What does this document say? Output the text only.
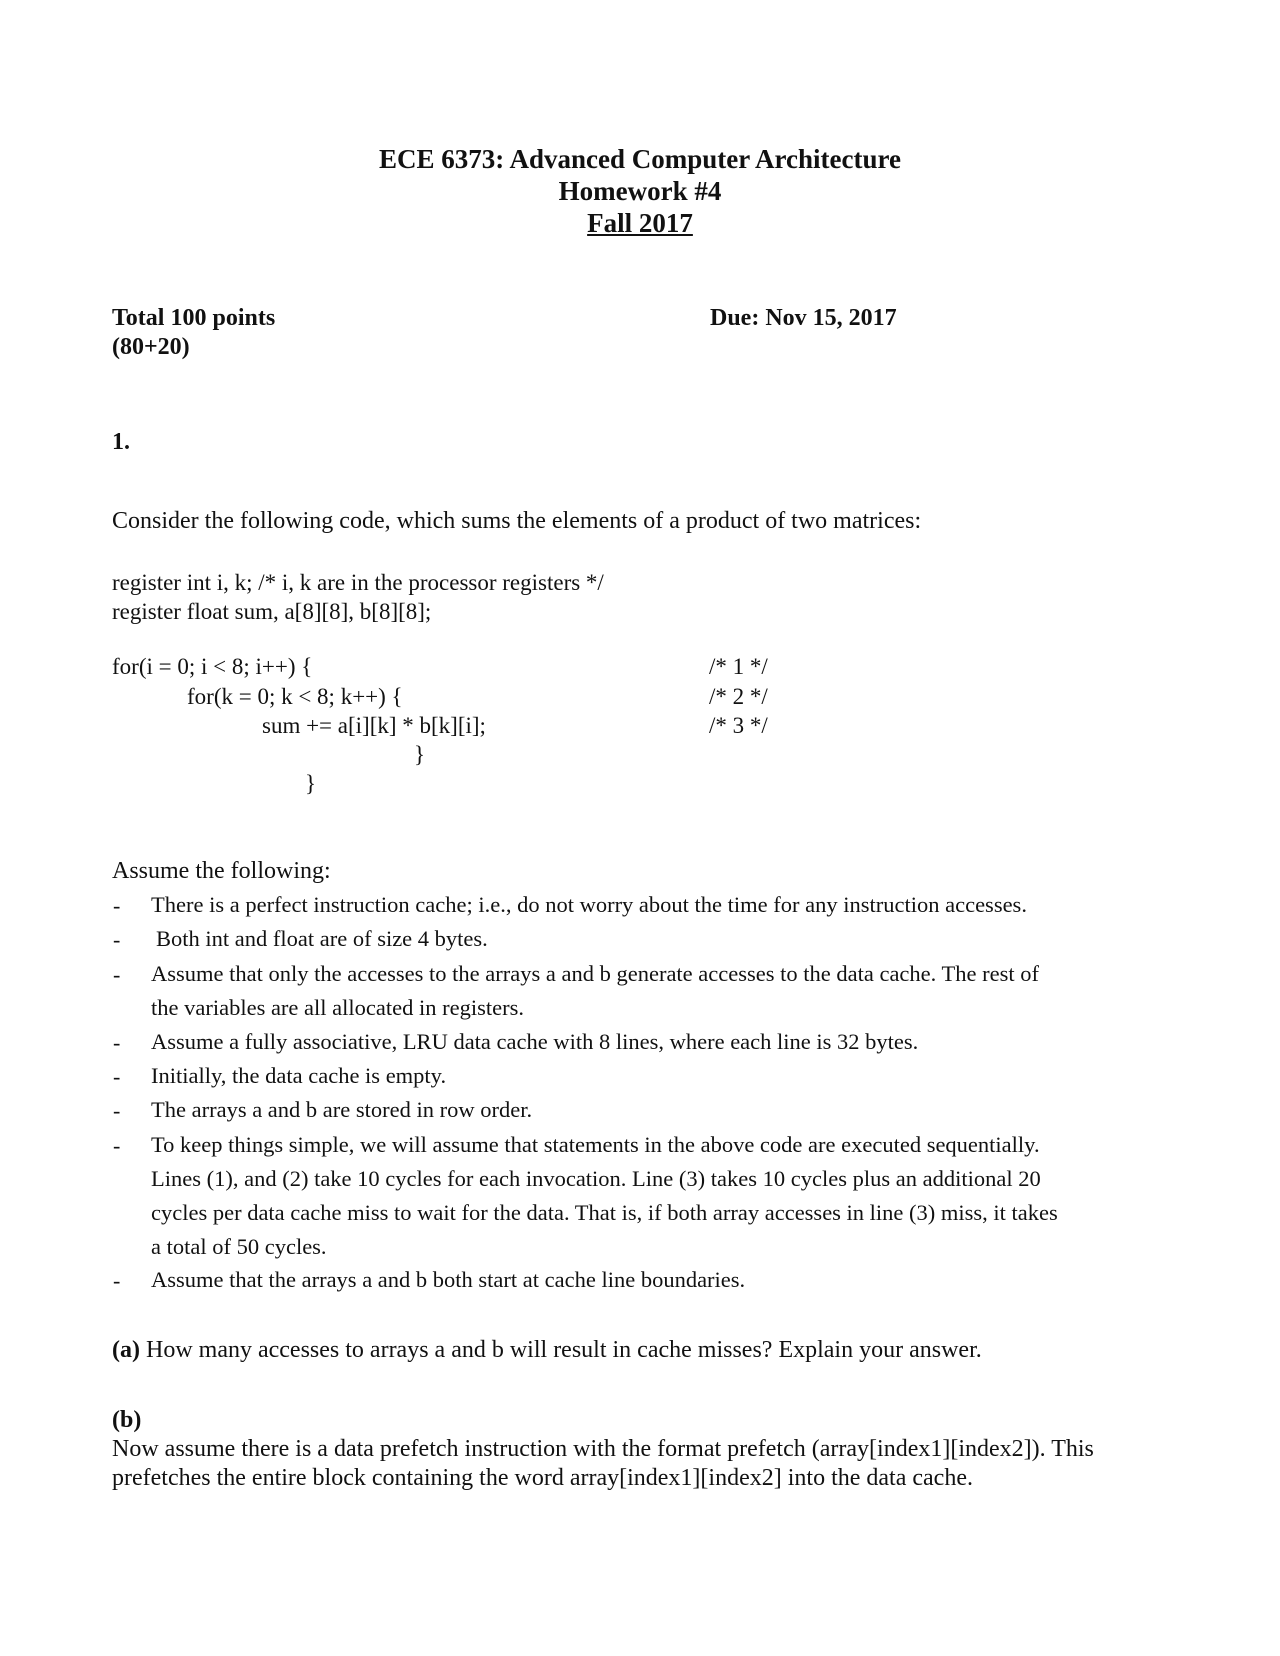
ECE 6373: Advanced Computer Architecture
Homework #4
Fall 2017
Total 100 points
(80+20)
Due: Nov 15, 2017
1.
Consider the following code, which sums the elements of a product of two matrices:
register int i, k; /* i, k are in the processor registers */
register float sum, a[8][8], b[8][8];
for(i = 0; i < 8; i++) {
for(k = 0; k < 8; k++) {
sum += a[i][k] * b[k][i];
}
}
/* 1 */
/* 2 */
/* 3 */
Assume the following:
- There is a perfect instruction cache; i.e., do not worry about the time for any instruction accesses.
- Both int and float are of size 4 bytes.
- Assume that only the accesses to the arrays a and b generate accesses to the data cache. The rest of
the variables are all allocated in registers.
- Assume a fully associative, LRU data cache with 8 lines, where each line is 32 bytes.
- Initially, the data cache is empty.
- The arrays a and b are stored in row order.
- To keep things simple, we will assume that statements in the above code are executed sequentially.
Lines (1), and (2) take 10 cycles for each invocation. Line (3) takes 10 cycles plus an additional 20
cycles per data cache miss to wait for the data. That is, if both array accesses in line (3) miss, it takes
a total of 50 cycles.
- Assume that the arrays a and b both start at cache line boundaries.
(a) How many accesses to arrays a and b will result in cache misses? Explain your answer.
(b)
Now assume there is a data prefetch instruction with the format prefetch (array[index1][index2]). This
prefetches the entire block containing the word array[index1][index2] into the data cache.
